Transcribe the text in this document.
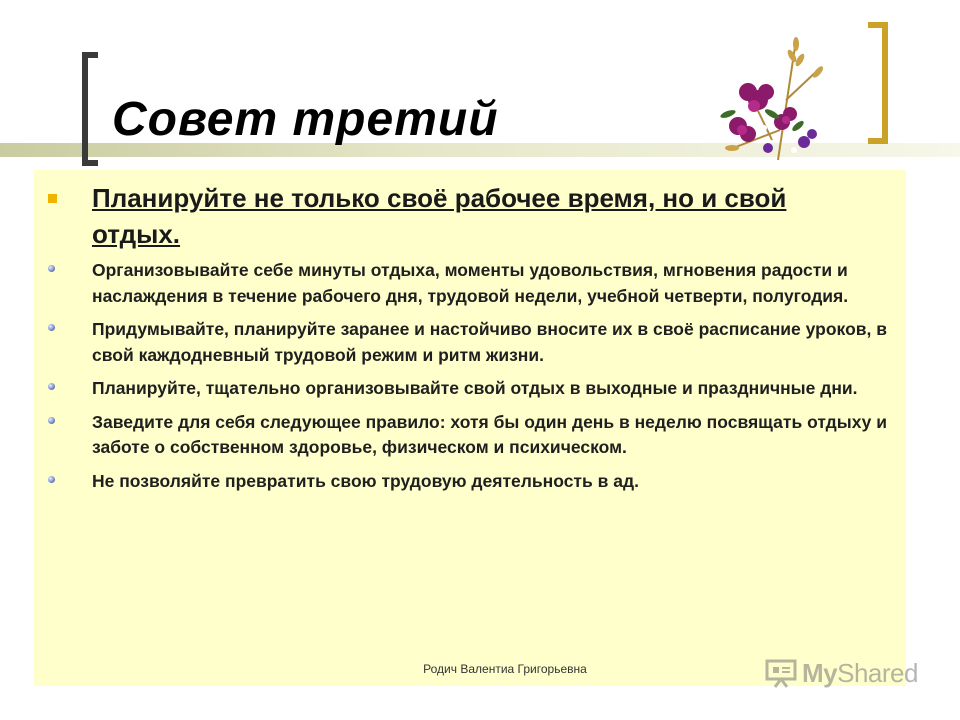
Совет третий

Планируйте не только своё рабочее время, но и свой отдых.

Организовывайте себе минуты отдыха, моменты удовольствия, мгновения радости и наслаждения в течение рабочего дня, трудовой недели, учебной четверти, полугодия.

Придумывайте, планируйте заранее и настойчиво вносите их в своё расписание уроков, в свой каждодневный трудовой режим и ритм жизни.

Планируйте, тщательно организовывайте свой отдых в выходные и праздничные дни.

Заведите для себя следующее правило: хотя бы один день в неделю посвящать отдыху и заботе о собственном здоровье, физическом и психическом.

Не позволяйте превратить свою трудовую деятельность в ад.

Родич Валентиа Григорьевна	MyShared
